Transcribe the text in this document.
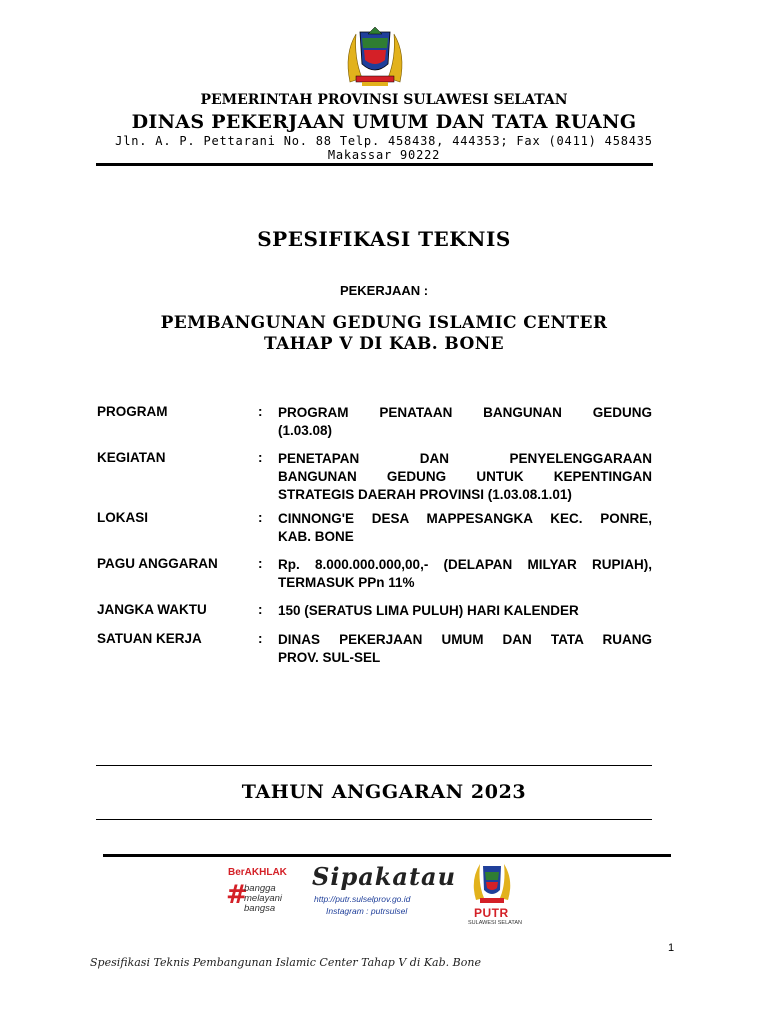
PEMERINTAH PROVINSI SULAWESI SELATAN
DINAS PEKERJAAN UMUM DAN TATA RUANG
Jln. A. P. Pettarani No. 88 Telp. 458438, 444353; Fax (0411) 458435
Makassar 90222
SPESIFIKASI TEKNIS
PEKERJAAN :
PEMBANGUNAN GEDUNG ISLAMIC CENTER
TAHAP V DI KAB. BONE
PROGRAM	: PROGRAM PENATAAN BANGUNAN GEDUNG
(1.03.08)
KEGIATAN	: PENETAPAN DAN PENYELENGGARAAN
BANGUNAN GEDUNG UNTUK KEPENTINGAN
STRATEGIS DAERAH PROVINSI (1.03.08.1.01)
LOKASI	: CINNONG'E DESA MAPPESANGKA KEC. PONRE,
KAB. BONE
PAGU ANGGARAN	: Rp. 8.000.000.000,00,- (DELAPAN MILYAR RUPIAH),
TERMASUK PPn 11%
JANGKA WAKTU	: 150 (SERATUS LIMA PULUH) HARI KALENDER
SATUAN KERJA	: DINAS PEKERJAAN UMUM DAN TATA RUANG
PROV. SUL-SEL
TAHUN ANGGARAN 2023
BerAKHLAK
#
bangga
melayani
bangsa
Sipakatau
http://putr.sulselprov.go.id
Instagram : putrsulsel	PUTR
SULAWESI SELATAN
1
Spesifikasi Teknis Pembangunan Islamic Center Tahap V di Kab. Bone
